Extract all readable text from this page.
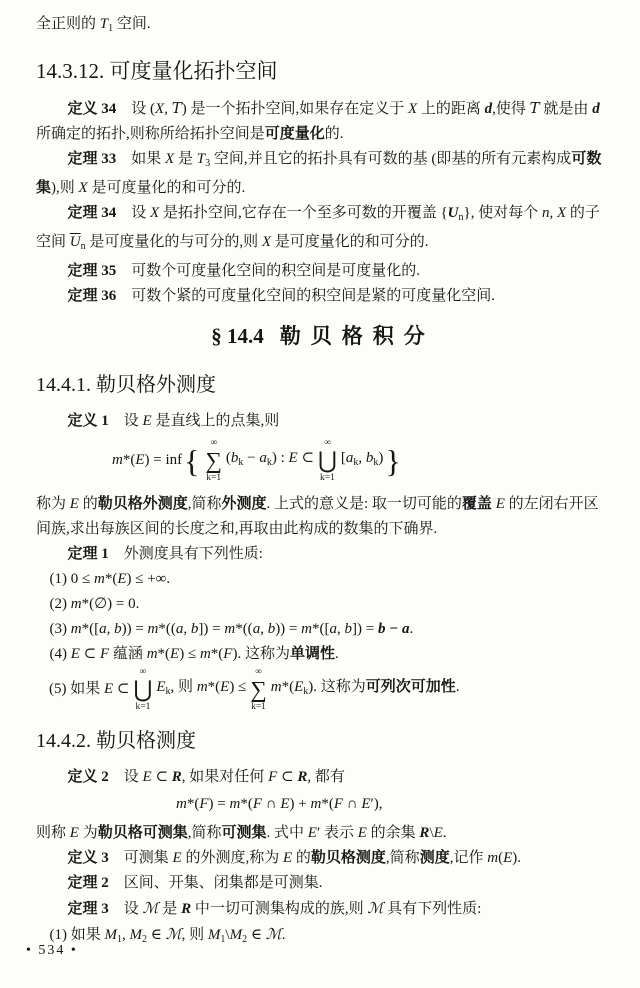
全正则的 $T_1$ 空间.

14.3.12. 可度量化拓扑空间

定义 34　设 (X, T) 是一个拓扑空间,如果存在定义于 X 上的距离 d,使得 T 就是由 d 所确定的拓扑,则称所给拓扑空间是可度量化的.

定理 33　如果 X 是 $T_3$ 空间,并且它的拓扑具有可数的基 (即基的所有元素构成可数集),则 X 是可度量化的和可分的.

定理 34　设 X 是拓扑空间,它存在一个至多可数的开覆盖 $\{U_n\}$, 使对每个 n, X 的子空间 $\overline{U}_n$ 是可度量化的与可分的,则 X 是可度量化的和可分的.

定理 35　可数个可度量化空间的积空间是可度量化的.

定理 36　可数个紧的可度量化空间的积空间是紧的可度量化空间.

§ 14.4 勒贝格积分

14.4.1. 勒贝格外测度

定义 1　设 E 是直线上的点集,则

m*(E) = inf { ∞
∑
k=1
$(b_k - a_k)$ : E ⊂
∞
⋃
k=1
[$a_k$, $b_k$) }

称为 E 的勒贝格外测度,简称外测度. 上式的意义是: 取一切可能的覆盖 E 的左闭右开区间族,求出每族区间的长度之和,再取由此构成的数集的下确界.

定理 1　外测度具有下列性质:

(1) 0 ≤ m*(E) ≤ +∞.

(2) m*(∅) = 0.

(3) m*([a, b)) = m*((a, b]) = m*((a, b)) = m*([a, b]) = b − a.

(4) E ⊂ F 蕴涵 m*(E) ≤ m*(F). 这称为单调性.

(5) 如果 E ⊂
∞
⋃
k=1
$E_k$, 则 m*(E) ≤
∞
∑
k=1
$m*(E_k)$. 这称为可列次可加性.

14.4.2. 勒贝格测度

定义 2　设 E ⊂ R, 如果对任何 F ⊂ R, 都有

m*(F) = m*(F ∩ E) + m*(F ∩ E′),

则称 E 为勒贝格可测集,简称可测集. 式中 E′ 表示 E 的余集 R\E.

定义 3　可测集 E 的外测度,称为 E 的勒贝格测度,简称测度,记作 m(E).

定理 2　区间、开集、闭集都是可测集.

定理 3　设 ℳ 是 R 中一切可测集构成的族,则 ℳ 具有下列性质:

(1) 如果 $M_1$, $M_2$ ∈ ℳ, 则 $M_1\backslash M_2$ ∈ ℳ.

• 534 •
